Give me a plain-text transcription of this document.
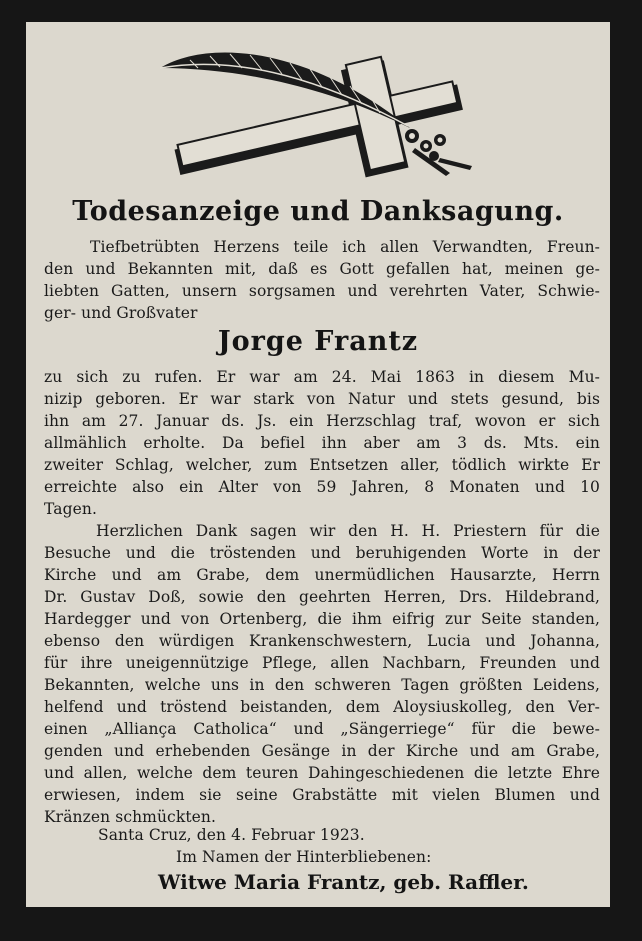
Todesanzeige und Danksagung.
Tiefbetrübten Herzens teile ich allen Verwandten, Freun-
den und Bekannten mit, daß es Gott gefallen hat, meinen ge-
liebten Gatten, unsern sorgsamen und verehrten Vater, Schwie-
ger- und Großvater
Jorge Frantz
zu sich zu rufen. Er war am 24. Mai 1863 in diesem Mu-
nizip geboren. Er war stark von Natur und stets gesund, bis
ihn am 27. Januar ds. Js. ein Herzschlag traf, wovon er sich
allmählich erholte. Da befiel ihn aber am 3 ds. Mts. ein
zweiter Schlag, welcher, zum Entsetzen aller, tödlich wirkte Er
erreichte also ein Alter von 59 Jahren, 8 Monaten und 10
Tagen.
Herzlichen Dank sagen wir den H. H. Priestern für die
Besuche und die tröstenden und beruhigenden Worte in der
Kirche und am Grabe, dem unermüdlichen Hausarzte, Herrn
Dr. Gustav Doß, sowie den geehrten Herren, Drs. Hildebrand,
Hardegger und von Ortenberg, die ihm eifrig zur Seite standen,
ebenso den würdigen Krankenschwestern, Lucia und Johanna,
für ihre uneigennützige Pflege, allen Nachbarn, Freunden und
Bekannten, welche uns in den schweren Tagen größten Leidens,
helfend und tröstend beistanden, dem Aloysiuskolleg, den Ver-
einen „Alliança Catholica“ und „Sängerriege“ für die bewe-
genden und erhebenden Gesänge in der Kirche und am Grabe,
und allen, welche dem teuren Dahingeschiedenen die letzte Ehre
erwiesen, indem sie seine Grabstätte mit vielen Blumen und
Kränzen schmückten.
Santa Cruz, den 4. Februar 1923.
Im Namen der Hinterbliebenen:
Witwe Maria Frantz, geb. Raffler.
